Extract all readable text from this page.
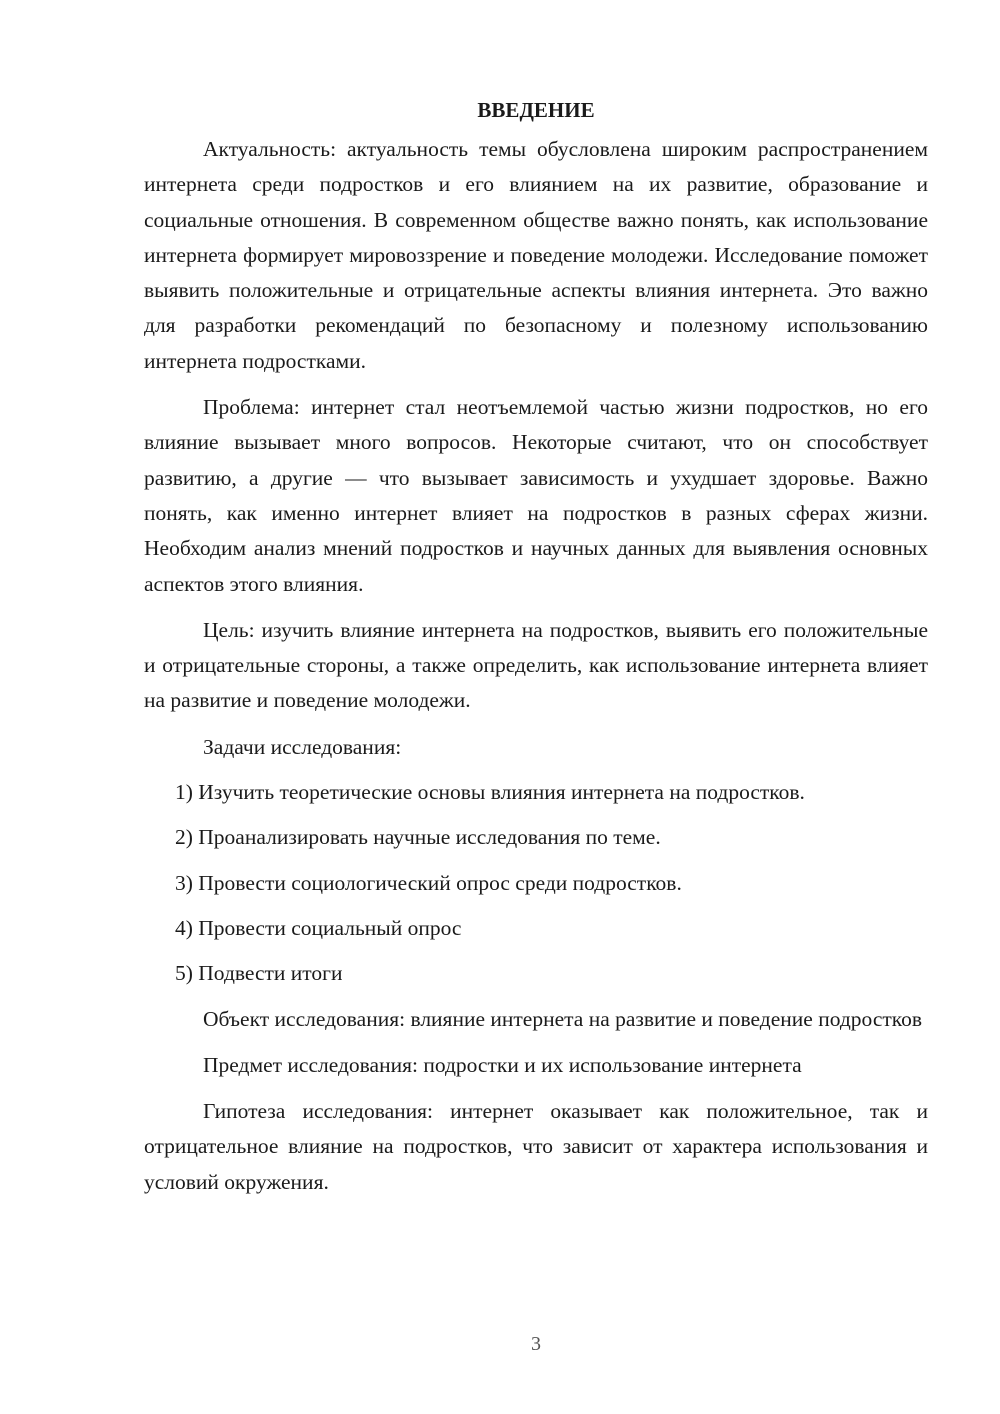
ВВЕДЕНИЕ

Актуальность: актуальность темы обусловлена широким распространением интернета среди подростков и его влиянием на их развитие, образование и социальные отношения. В современном обществе важно понять, как использование интернета формирует мировоззрение и поведение молодежи. Исследование поможет выявить положительные и отрицательные аспекты влияния интернета. Это важно для разработки рекомендаций по безопасному и полезному использованию интернета подростками.

Проблема: интернет стал неотъемлемой частью жизни подростков, но его влияние вызывает много вопросов. Некоторые считают, что он способствует развитию, а другие — что вызывает зависимость и ухудшает здоровье. Важно понять, как именно интернет влияет на подростков в разных сферах жизни. Необходим анализ мнений подростков и научных данных для выявления основных аспектов этого влияния.

Цель: изучить влияние интернета на подростков, выявить его положительные и отрицательные стороны, а также определить, как использование интернета влияет на развитие и поведение молодежи.

Задачи исследования:

1) Изучить теоретические основы влияния интернета на подростков.
2) Проанализировать научные исследования по теме.
3) Провести социологический опрос среди подростков.
4) Провести социальный опрос
5) Подвести итоги

Объект исследования: влияние интернета на развитие и поведение подростков

Предмет исследования: подростки и их использование интернета

Гипотеза исследования: интернет оказывает как положительное, так и отрицательное влияние на подростков, что зависит от характера использования и условий окружения.

3
